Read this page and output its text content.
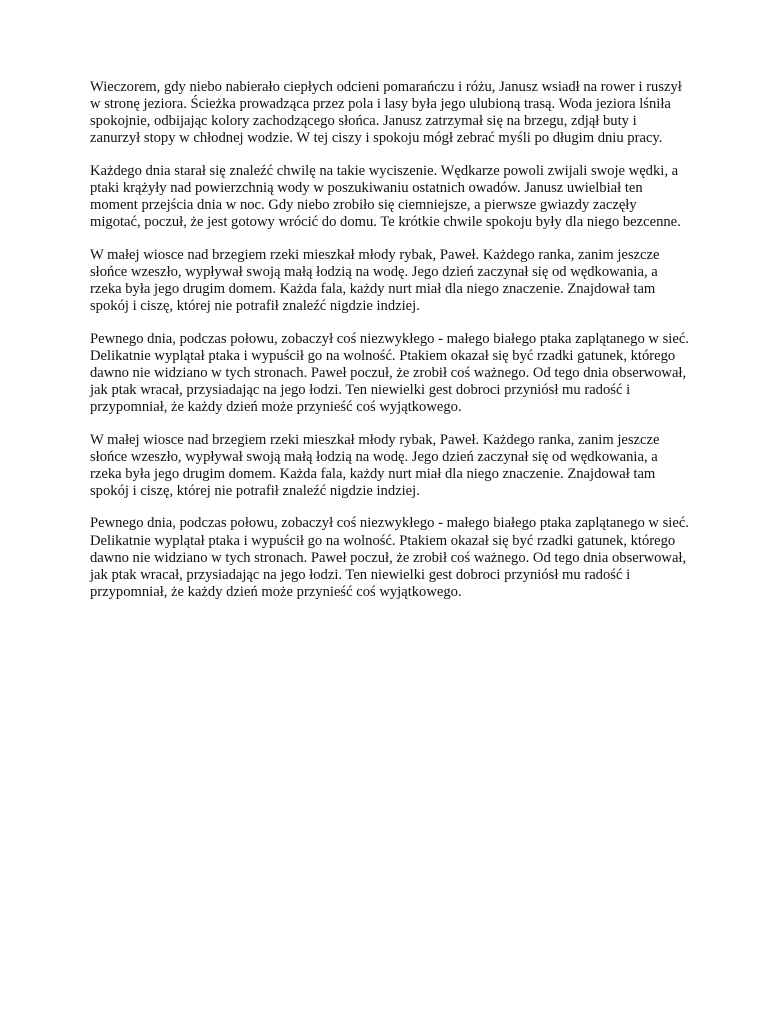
Wieczorem, gdy niebo nabierało ciepłych odcieni pomarańczu i różu, Janusz wsiadł na rower i ruszył w stronę jeziora. Ścieżka prowadząca przez pola i lasy była jego ulubioną trasą. Woda jeziora lśniła spokojnie, odbijając kolory zachodzącego słońca. Janusz zatrzymał się na brzegu, zdjął buty i zanurzył stopy w chłodnej wodzie. W tej ciszy i spokoju mógł zebrać myśli po długim dniu pracy.

Każdego dnia starał się znaleźć chwilę na takie wyciszenie. Wędkarze powoli zwijali swoje wędki, a ptaki krążyły nad powierzchnią wody w poszukiwaniu ostatnich owadów. Janusz uwielbiał ten moment przejścia dnia w noc. Gdy niebo zrobiło się ciemniejsze, a pierwsze gwiazdy zaczęły migotać, poczuł, że jest gotowy wrócić do domu. Te krótkie chwile spokoju były dla niego bezcenne.

W małej wiosce nad brzegiem rzeki mieszkał młody rybak, Paweł. Każdego ranka, zanim jeszcze słońce wzeszło, wypływał swoją małą łodzią na wodę. Jego dzień zaczynał się od wędkowania, a rzeka była jego drugim domem. Każda fala, każdy nurt miał dla niego znaczenie. Znajdował tam spokój i ciszę, której nie potrafił znaleźć nigdzie indziej.

Pewnego dnia, podczas połowu, zobaczył coś niezwykłego - małego białego ptaka zaplątanego w sieć. Delikatnie wyplątał ptaka i wypuścił go na wolność. Ptakiem okazał się być rzadki gatunek, którego dawno nie widziano w tych stronach. Paweł poczuł, że zrobił coś ważnego. Od tego dnia obserwował, jak ptak wracał, przysiadając na jego łodzi. Ten niewielki gest dobroci przyniósł mu radość i przypomniał, że każdy dzień może przynieść coś wyjątkowego.

W małej wiosce nad brzegiem rzeki mieszkał młody rybak, Paweł. Każdego ranka, zanim jeszcze słońce wzeszło, wypływał swoją małą łodzią na wodę. Jego dzień zaczynał się od wędkowania, a rzeka była jego drugim domem. Każda fala, każdy nurt miał dla niego znaczenie. Znajdował tam spokój i ciszę, której nie potrafił znaleźć nigdzie indziej.

Pewnego dnia, podczas połowu, zobaczył coś niezwykłego - małego białego ptaka zaplątanego w sieć. Delikatnie wyplątał ptaka i wypuścił go na wolność. Ptakiem okazał się być rzadki gatunek, którego dawno nie widziano w tych stronach. Paweł poczuł, że zrobił coś ważnego. Od tego dnia obserwował, jak ptak wracał, przysiadając na jego łodzi. Ten niewielki gest dobroci przyniósł mu radość i przypomniał, że każdy dzień może przynieść coś wyjątkowego.
